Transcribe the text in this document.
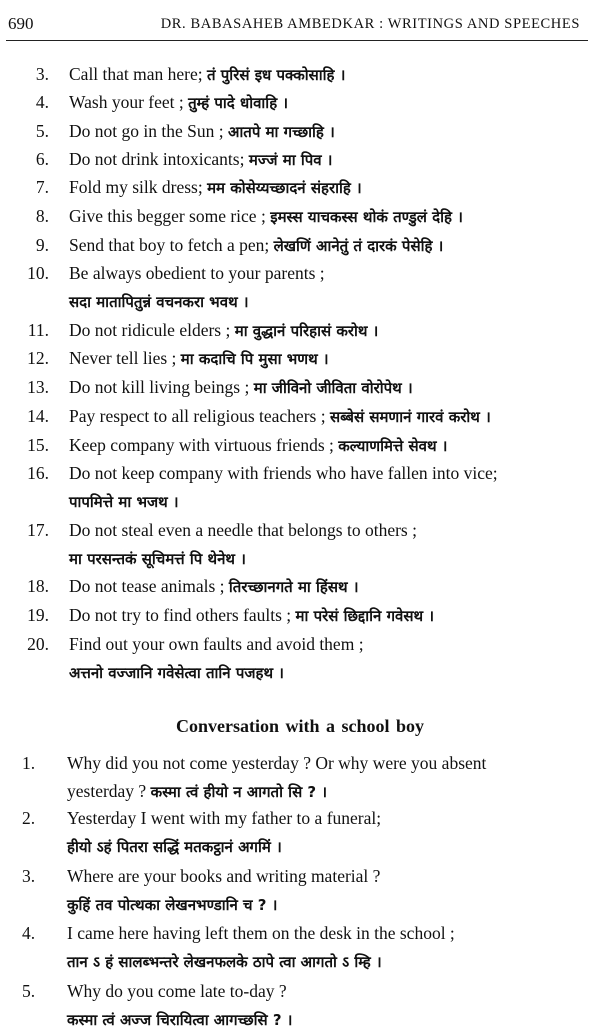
690	DR. BABASAHEB AMBEDKAR : WRITINGS AND SPEECHES
3. Call that man here; तं पुरिसं इध पक्कोसाहि ।
4. Wash your feet ; तुम्हं पादे धोवाहि ।
5. Do not go in the Sun ; आतपे मा गच्छाहि ।
6. Do not drink intoxicants; मज्जं मा पिव ।
7. Fold my silk dress; मम कोसेय्यच्छादनं संहराहि ।
8. Give this begger some rice ; इमस्स याचकस्स थोकं तण्डुलं देहि ।
9. Send that boy to fetch a pen; लेखणिं आनेतुं तं दारकं पेसेहि ।
10. Be always obedient to your parents ;
सदा मातापितुन्नं वचनकरा भवथ ।
11. Do not ridicule elders ; मा वुद्धानं परिहासं करोथ ।
12. Never tell lies ; मा कदाचि पि मुसा भणथ ।
13. Do not kill living beings ; मा जीविनो जीविता वोरोपेथ ।
14. Pay respect to all religious teachers ; सब्बेसं समणानं गारवं करोथ ।
15. Keep company with virtuous friends ; कल्याणमित्ते सेवथ ।
16. Do not keep company with friends who have fallen into vice;
पापमित्ते मा भजथ ।
17. Do not steal even a needle that belongs to others ;
मा परसन्तकं सूचिमत्तं पि थेनेथ ।
18. Do not tease animals ; तिरच्छानगते मा हिंसथ ।
19. Do not try to find others faults ; मा परेसं छिद्दानि गवेसथ ।
20. Find out your own faults and avoid them ;
अत्तनो वज्जानि गवेसेत्वा तानि पजहथ ।
Conversation with a school boy
1.	Why did you not come yesterday ? Or why were you absent
yesterday ? कस्मा त्वं हीयो न आगतो सि ? ।
2.	Yesterday I went with my father to a funeral;
हीयो ऽहं पितरा सद्धिं मतकट्ठानं अगमिं ।
3.	Where are your books and writing material ?
कुहिं तव पोत्थका लेखनभण्डानि च ? ।
4.	I came here having left them on the desk in the school ;
तान ऽ हं सालब्भन्तरे लेखनफलके ठापे त्वा आगतो ऽ म्हि ।
5.	Why do you come late to-day ?
कस्मा त्वं अज्ज चिरायित्वा आगच्छसि ? ।
